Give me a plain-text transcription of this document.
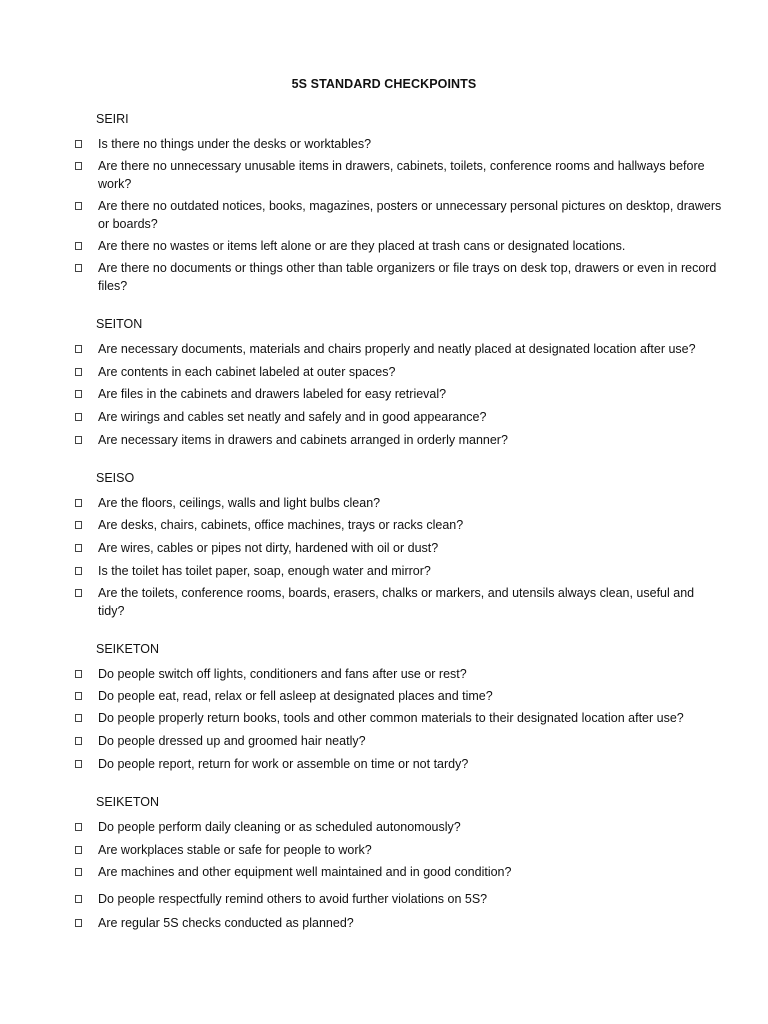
5S STANDARD CHECKPOINTS
SEIRI
Is there no things under the desks or worktables?
Are there no unnecessary unusable items in drawers, cabinets, toilets, conference rooms and hallways before work?
Are there no outdated notices, books, magazines, posters or unnecessary personal pictures on desktop, drawers or boards?
Are there no wastes or items left alone or are they placed at trash cans or designated locations.
Are there no documents or things other than table organizers or file trays on desk top, drawers or even in record files?
SEITON
Are necessary documents, materials and chairs properly and neatly placed at designated location after use?
Are contents in each cabinet labeled at outer spaces?
Are files in the cabinets and drawers labeled for easy retrieval?
Are wirings and cables set neatly and safely and in good appearance?
Are necessary items in drawers and cabinets arranged in orderly manner?
SEISO
Are the floors, ceilings, walls and light bulbs clean?
Are desks, chairs, cabinets, office machines, trays or racks clean?
Are wires, cables or pipes not dirty, hardened with oil or dust?
Is the toilet has toilet paper, soap, enough water and mirror?
Are the toilets, conference rooms, boards, erasers, chalks or markers, and utensils always clean, useful and tidy?
SEIKETON
Do people switch off lights, conditioners and fans after use or rest?
Do people eat, read, relax or fell asleep at designated places and time?
Do people properly return books, tools and other common materials to their designated location after use?
Do people dressed up and groomed hair neatly?
Do people report, return for work or assemble on time or not tardy?
SEIKETON
Do people perform daily cleaning or as scheduled autonomously?
Are workplaces stable or safe for people to work?
Are machines and other equipment well maintained and in good condition?
Do people respectfully remind others to avoid further violations on 5S?
Are regular 5S checks conducted as planned?
